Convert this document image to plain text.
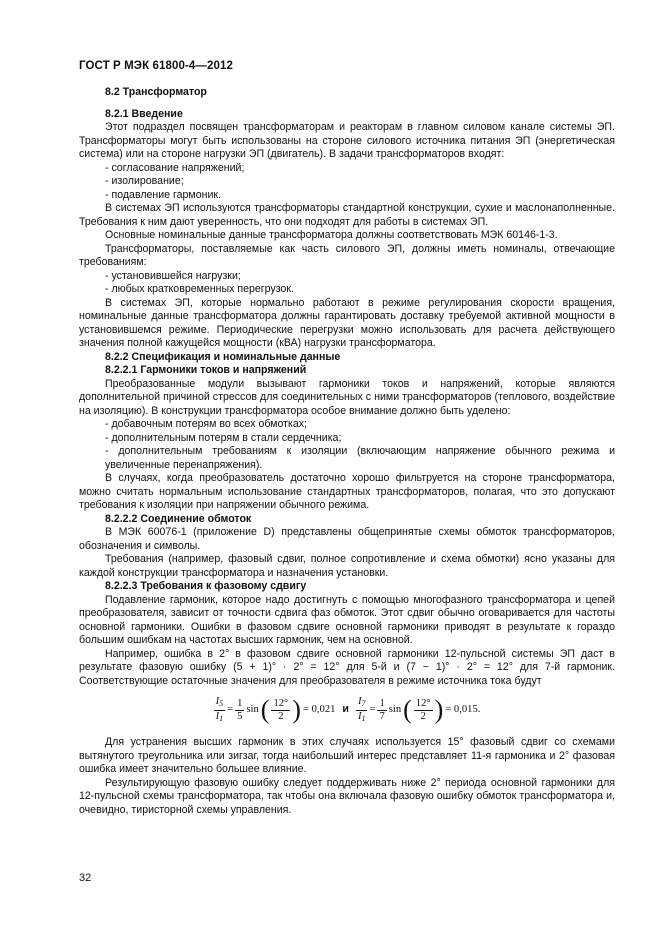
ГОСТ Р МЭК 61800-4—2012

8.2 Трансформатор

8.2.1 Введение

Этот подраздел посвящен трансформаторам и реакторам в главном силовом канале системы ЭП. Трансформаторы могут быть использованы на стороне силового источника питания ЭП (энергетическая система) или на стороне нагрузки ЭП (двигатель). В задачи трансформаторов входят:

- согласование напряжений;

- изолирование;

- подавление гармоник.

В системах ЭП используются трансформаторы стандартной конструкции, сухие и маслонаполненные. Требования к ним дают уверенность, что они подходят для работы в системах ЭП.

Основные номинальные данные трансформатора должны соответствовать МЭК 60146-1-3.

Трансформаторы, поставляемые как часть силового ЭП, должны иметь номиналы, отвечающие требованиям:

- установившейся нагрузки;

- любых кратковременных перегрузок.

В системах ЭП, которые нормально работают в режиме регулирования скорости вращения, номинальные данные трансформатора должны гарантировать доставку требуемой активной мощности в установившемся режиме. Периодические перегрузки можно использовать для расчета действующего значения полной кажущейся мощности (кВА) нагрузки трансформатора.

8.2.2 Спецификация и номинальные данные

8.2.2.1 Гармоники токов и напряжений

Преобразованные модули вызывают гармоники токов и напряжений, которые являются дополнительной причиной стрессов для соединительных с ними трансформаторов (теплового, воздействие на изоляцию). В конструкции трансформатора особое внимание должно быть уделено:

- добавочным потерям во всех обмотках;

- дополнительным потерям в стали сердечника;

- дополнительным требованиям к изоляции (включающим напряжение обычного режима и увеличенные перенапряжения).

В случаях, когда преобразователь достаточно хорошо фильтруется на стороне трансформатора, можно считать нормальным использование стандартных трансформаторов, полагая, что это допускают требования к изоляции при напряжении обычного режима.

8.2.2.2 Соединение обмоток

В МЭК 60076-1 (приложение D) представлены общепринятые схемы обмоток трансформаторов, обозначения и символы.

Требования (например, фазовый сдвиг, полное сопротивление и схема обмотки) ясно указаны для каждой конструкции трансформатора и назначения установки.

8.2.2.3 Требования к фазовому сдвигу

Подавление гармоник, которое надо достигнуть с помощью многофазного трансформатора и цепей преобразователя, зависит от точности сдвига фаз обмоток. Этот сдвиг обычно оговаривается для частоты основной гармоники. Ошибки в фазовом сдвиге основной гармоники приводят в результате к гораздо большим ошибкам на частотах высших гармоник, чем на основной.

Например, ошибка в 2° в фазовом сдвиге основной гармоники 12-пульсной системы ЭП даст в результате фазовую ошибку (5 + 1)° · 2° = 12° для 5-й и (7 − 1)° · 2° = 12° для 7-й гармоник. Соответствующие остаточные значения для преобразователя в режиме источника тока будут

$\frac{I_5}{I_1} = \frac{1}{5}$ sin ( $\frac{12^\circ}{2}$ ) = 0,021 и $\frac{I_7}{I_1} = \frac{1}{7}$ sin ( $\frac{12^\circ}{2}$ ) = 0,015.

Для устранения высших гармоник в этих случаях используется 15° фазовый сдвиг со схемами вытянутого треугольника или зигзаг, тогда наибольший интерес представляет 11-я гармоника и 2° фазовая ошибка имеет значительно большее влияние.

Результирующую фазовую ошибку следует поддерживать ниже 2° периода основной гармоники для 12-пульсной схемы трансформатора, так чтобы она включала фазовую ошибку обмоток трансформатора и, очевидно, тиристорной схемы управления.

32
